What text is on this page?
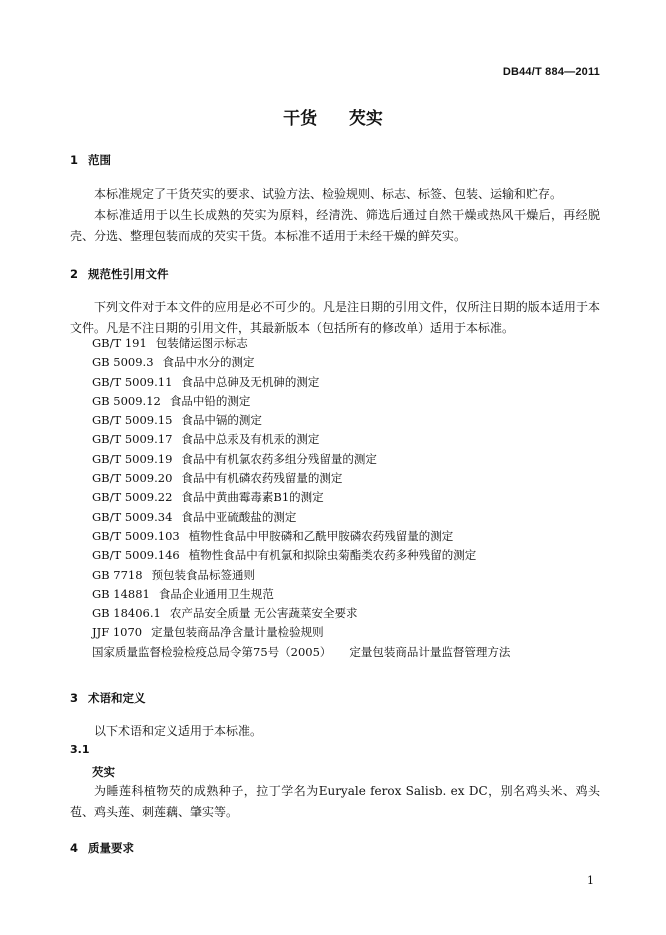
DB44/T 884—2011
干货  芡实
1 范围
本标准规定了干货芡实的要求、试验方法、检验规则、标志、标签、包装、运输和贮存。
本标准适用于以生长成熟的芡实为原料，经清洗、筛选后通过自然干燥或热风干燥后，再经脱壳、分选、整理包装而成的芡实干货。本标准不适用于未经干燥的鲜芡实。
2 规范性引用文件
下列文件对于本文件的应用是必不可少的。凡是注日期的引用文件，仅所注日期的版本适用于本文件。凡是不注日期的引用文件，其最新版本（包括所有的修改单）适用于本标准。
GB/T 191 包装储运图示标志
GB 5009.3 食品中水分的测定
GB/T 5009.11 食品中总砷及无机砷的测定
GB 5009.12 食品中铅的测定
GB/T 5009.15 食品中镉的测定
GB/T 5009.17 食品中总汞及有机汞的测定
GB/T 5009.19 食品中有机氯农药多组分残留量的测定
GB/T 5009.20 食品中有机磷农药残留量的测定
GB/T 5009.22 食品中黄曲霉毒素B1的测定
GB/T 5009.34 食品中亚硫酸盐的测定
GB/T 5009.103 植物性食品中甲胺磷和乙酰甲胺磷农药残留量的测定
GB/T 5009.146 植物性食品中有机氯和拟除虫菊酯类农药多种残留的测定
GB 7718 预包装食品标签通则
GB 14881 食品企业通用卫生规范
GB 18406.1 农产品安全质量 无公害蔬菜安全要求
JJF 1070 定量包装商品净含量计量检验规则
国家质量监督检验检疫总局令第75号（2005） 定量包装商品计量监督管理方法
3 术语和定义
以下术语和定义适用于本标准。
3.1
芡实
为睡莲科植物芡的成熟种子，拉丁学名为Euryale ferox Salisb. ex DC，别名鸡头米、鸡头苞、鸡头莲、刺莲藕、肇实等。
4 质量要求
1
